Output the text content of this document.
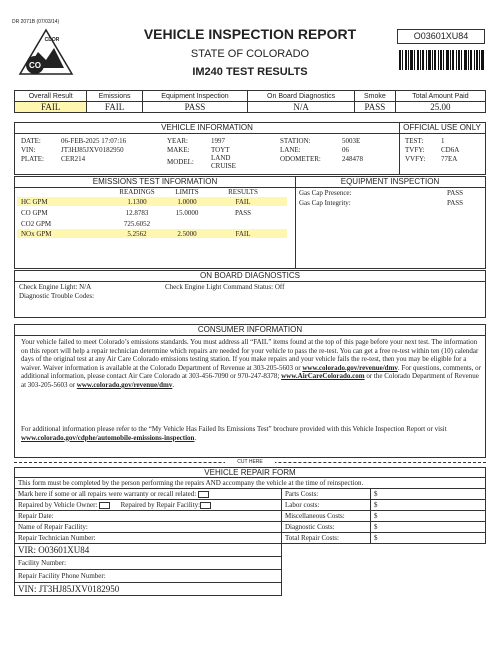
DR 2071B (07/03/14)
CO
CDOR	VEHICLE INSPECTION REPORT
STATE OF COLORADO
IM240 TEST RESULTS
O03601XU84
Overall Result	Emissions	Equipment Inspection	On Board Diagnostics	Smoke	Total Amount Paid
FAIL	FAIL	PASS	N/A	PASS	25.00
VEHICLE INFORMATION	OFFICIAL USE ONLY
DATE:	06-FEB-2025 17:07:16
VIN:	JT3HJ85JXV0182950
PLATE:	CER214
YEAR:	1997
MAKE:	TOYT
MODEL:	LAND CRUISE
STATION:	5003E
LANE:	06
ODOMETER:	248478
TEST:	1
TVFY:	CD6A
VVFY:	77EA
EMISSIONS TEST INFORMATION	EQUIPMENT INSPECTION
READINGS	LIMITS	RESULTS
HC GPM	1.1300	1.0000	FAIL
CO GPM	12.8783	15.0000	PASS
CO2 GPM	725.6052
NOx GPM	5.2562	2.5000	FAIL
Gas Cap Presence:	PASS
Gas Cap Integrity:	PASS
ON BOARD DIAGNOSTICS
Check Engine Light: N/A	Check Engine Light Command Status: Off
Diagnostic Trouble Codes:
CONSUMER INFORMATION
Your vehicle failed to meet Colorado’s emissions standards. You must address all “FAIL” items found at the top of this page before your next test. The information on this report will help a repair technician determine which repairs are needed for your vehicle to pass the re-test. You can get a free re-test within ten (10) calendar days of the original test at any Air Care Colorado emissions testing station. If you make repairs and your vehicle fails the re-test, then you may be eligible for a waiver. Waiver information is available at the Colorado Department of Revenue at 303-205-5603 or www.colorado.gov/revenue/dmv. For questions, comments, or additional information, please contact Air Care Colorado at 303-456-7090 or 970-247-8378; www.AirCareColorado.com or the Colorado Department of Revenue at 303-205-5603 or www.colorado.gov/revenue/dmv.
For additional information please refer to the “My Vehicle Has Failed Its Emissions Test” brochure provided with this Vehicle Inspection Report or visit www.colorado.gov/cdphe/automobile-emissions-inspection.
CUT HERE
VEHICLE REPAIR FORM
This form must be completed by the person performing the repairs AND accompany the vehicle at the time of reinspection.		
Mark here if some or all repairs were warranty or recall related:	Parts Costs:	$
Repaired by Vehicle Owner: Repaired by Repair Facility:	Labor costs:	$
Repair Date:	Miscellaneous Costs:	$
Name of Repair Facility:	Diagnostic Costs:	$
Repair Technician Number:	Total Repair Costs:	$
VIR: O03601XU84		
Facility Number:		
Repair Facility Phone Number:		
VIN: JT3HJ85JXV0182950		
